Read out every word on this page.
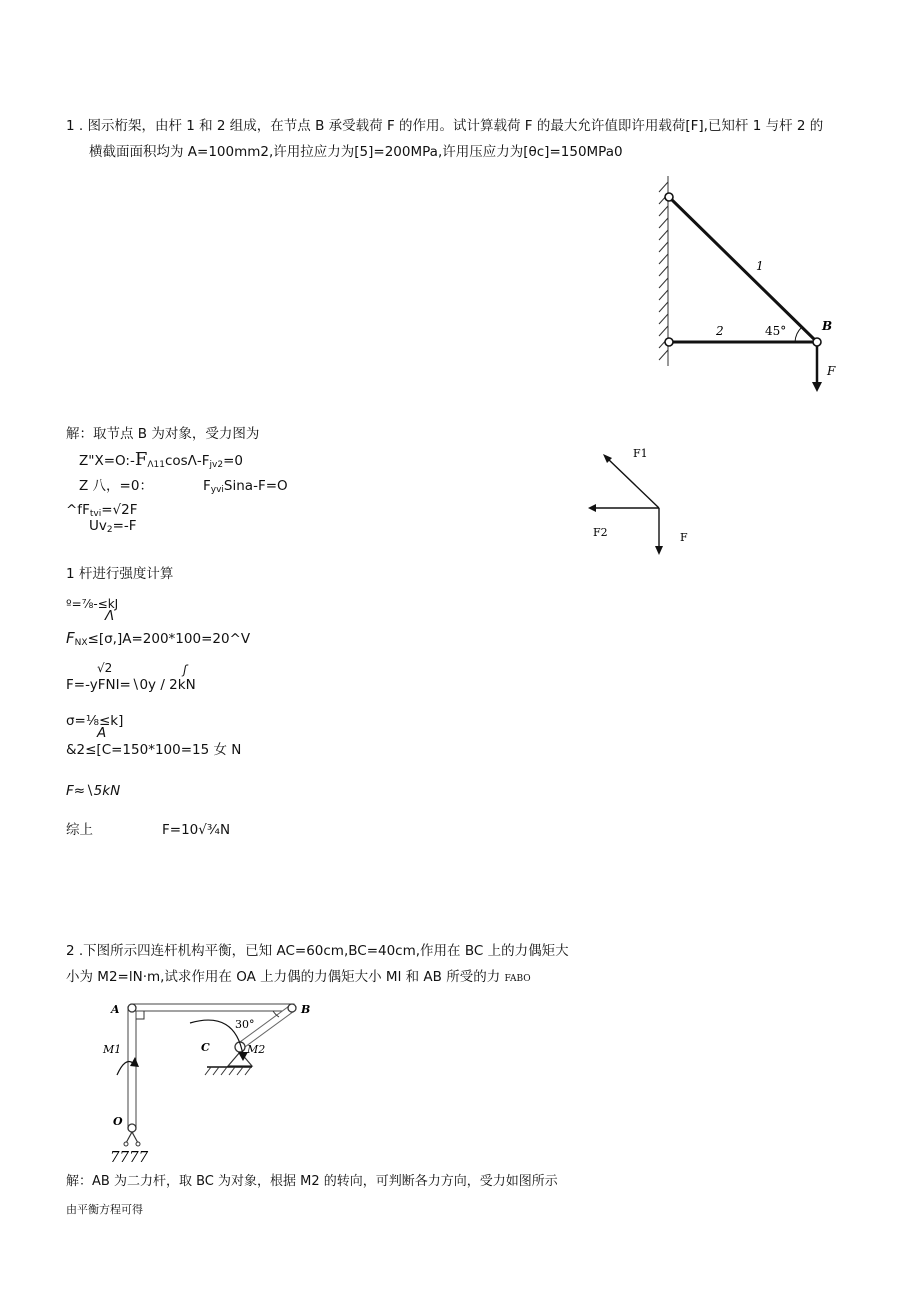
1 . 图示桁架，由杆 1 和 2 组成，在节点 B 承受载荷 F 的作用。试计算载荷 F 的最大允许值即许用载荷[F],已知杆 1 与杆 2 的
横截面面积均为 A=100mm2,许用拉应力为[5]=200MPa,许用压应力为[θc]=150MPa0
1
2	45°	B
F
解：取节点 B 为对象，受力图为
$Z"X=O:-F_{\Lambda 11}\cos\Lambda-F_{jv2}=0$
Z 八，=0：	$F_{yvi}Sina-F=O$
$\^{}fF_{tvi}=√2F$
$Uv_2=-F$
F1
F2	F
1 杆进行强度计算
º=⅞-≤kJ
Λ
$F_{NX}\le[\sigma,]A=200*100=20\^{}V$
√2	ʃ
F=-yFNI=∖0y / 2kN
σ=⅛≤k]
A
&2≤[C=150*100=15 女 N
F≈∖5kN
综上	F=10√¾N
2 .下图所示四连杆机构平衡，已知 AC=60cm,BC=40cm,作用在 BC 上的力偶矩大
小为 M2=lN·m,试求作用在 OA 上力偶的力偶矩大小 Ml 和 AB 所受的力 FABO
A	B
C
O
M1	M2
30°
7777
解：AB 为二力杆，取 BC 为对象，根据 M2 的转向，可判断各力方向，受力如图所示
由平衡方程可得
